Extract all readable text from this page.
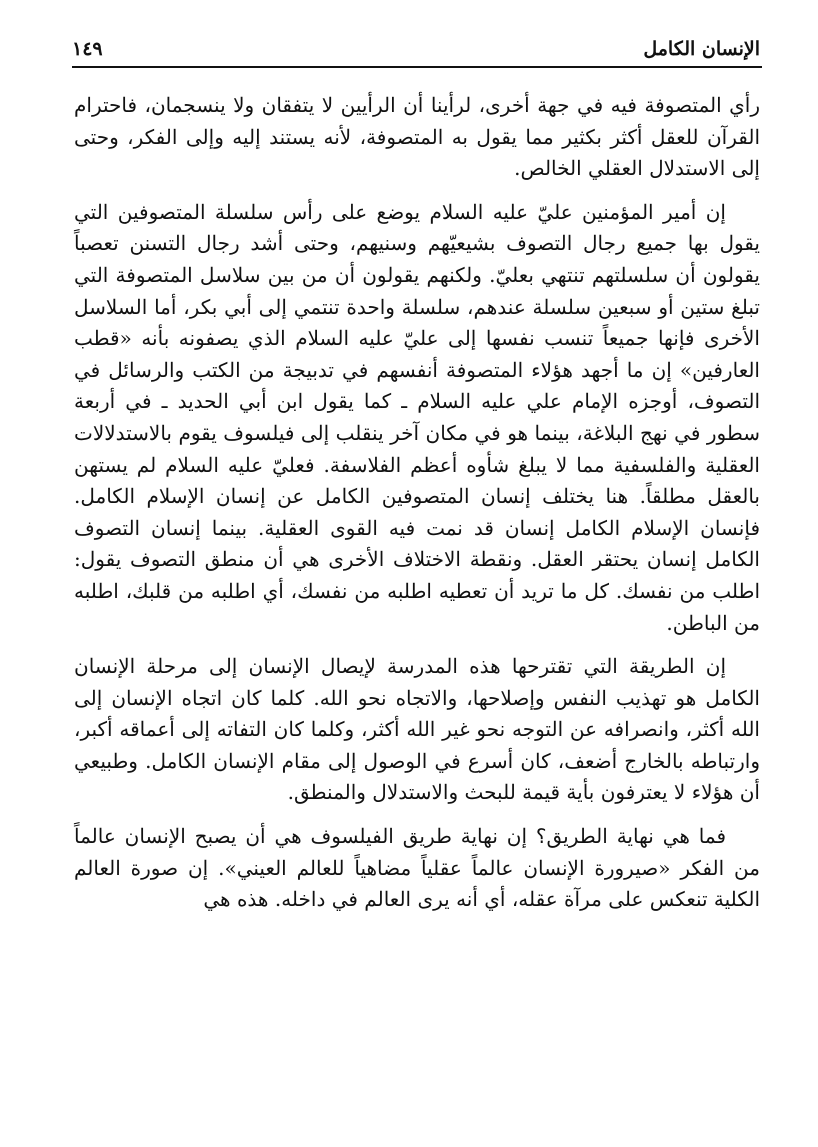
الإنسان الكامل
١٤٩

رأي المتصوفة فيه في جهة أخرى، لرأينا أن الرأيين لا يتفقان ولا ينسجمان، فاحترام القرآن للعقل أكثر بكثير مما يقول به المتصوفة، لأنه يستند إليه وإلى الفكر، وحتى إلى الاستدلال العقلي الخالص.

إن أمير المؤمنين عليّ عليه السلام يوضع على رأس سلسلة المتصوفين التي يقول بها جميع رجال التصوف بشيعيّهم وسنيهم، وحتى أشد رجال التسنن تعصباً يقولون أن سلسلتهم تنتهي بعليّ. ولكنهم يقولون أن من بين سلاسل المتصوفة التي تبلغ ستين أو سبعين سلسلة عندهم، سلسلة واحدة تنتمي إلى أبي بكر، أما السلاسل الأخرى فإنها جميعاً تنسب نفسها إلى عليّ عليه السلام الذي يصفونه بأنه «قطب العارفين» إن ما أجهد هؤلاء المتصوفة أنفسهم في تدبيجة من الكتب والرسائل في التصوف، أوجزه الإمام علي عليه السلام ـ كما يقول ابن أبي الحديد ـ في أربعة سطور في نهج البلاغة، بينما هو في مكان آخر ينقلب إلى فيلسوف يقوم بالاستدلالات العقلية والفلسفية مما لا يبلغ شأوه أعظم الفلاسفة. فعليّ عليه السلام لم يستهن بالعقل مطلقاً. هنا يختلف إنسان المتصوفين الكامل عن إنسان الإسلام الكامل. فإنسان الإسلام الكامل إنسان قد نمت فيه القوى العقلية. بينما إنسان التصوف الكامل إنسان يحتقر العقل. ونقطة الاختلاف الأخرى هي أن منطق التصوف يقول: اطلب من نفسك. كل ما تريد أن تعطيه اطلبه من نفسك، أي اطلبه من قلبك، اطلبه من الباطن.

إن الطريقة التي تقترحها هذه المدرسة لإيصال الإنسان إلى مرحلة الإنسان الكامل هو تهذيب النفس وإصلاحها، والاتجاه نحو الله. كلما كان اتجاه الإنسان إلى الله أكثر، وانصرافه عن التوجه نحو غير الله أكثر، وكلما كان التفاته إلى أعماقه أكبر، وارتباطه بالخارج أضعف، كان أسرع في الوصول إلى مقام الإنسان الكامل. وطبيعي أن هؤلاء لا يعترفون بأية قيمة للبحث والاستدلال والمنطق.

فما هي نهاية الطريق؟ إن نهاية طريق الفيلسوف هي أن يصبح الإنسان عالماً من الفكر «صيرورة الإنسان عالماً عقلياً مضاهياً للعالم العيني». إن صورة العالم الكلية تنعكس على مرآة عقله، أي أنه يرى العالم في داخله. هذه هي
